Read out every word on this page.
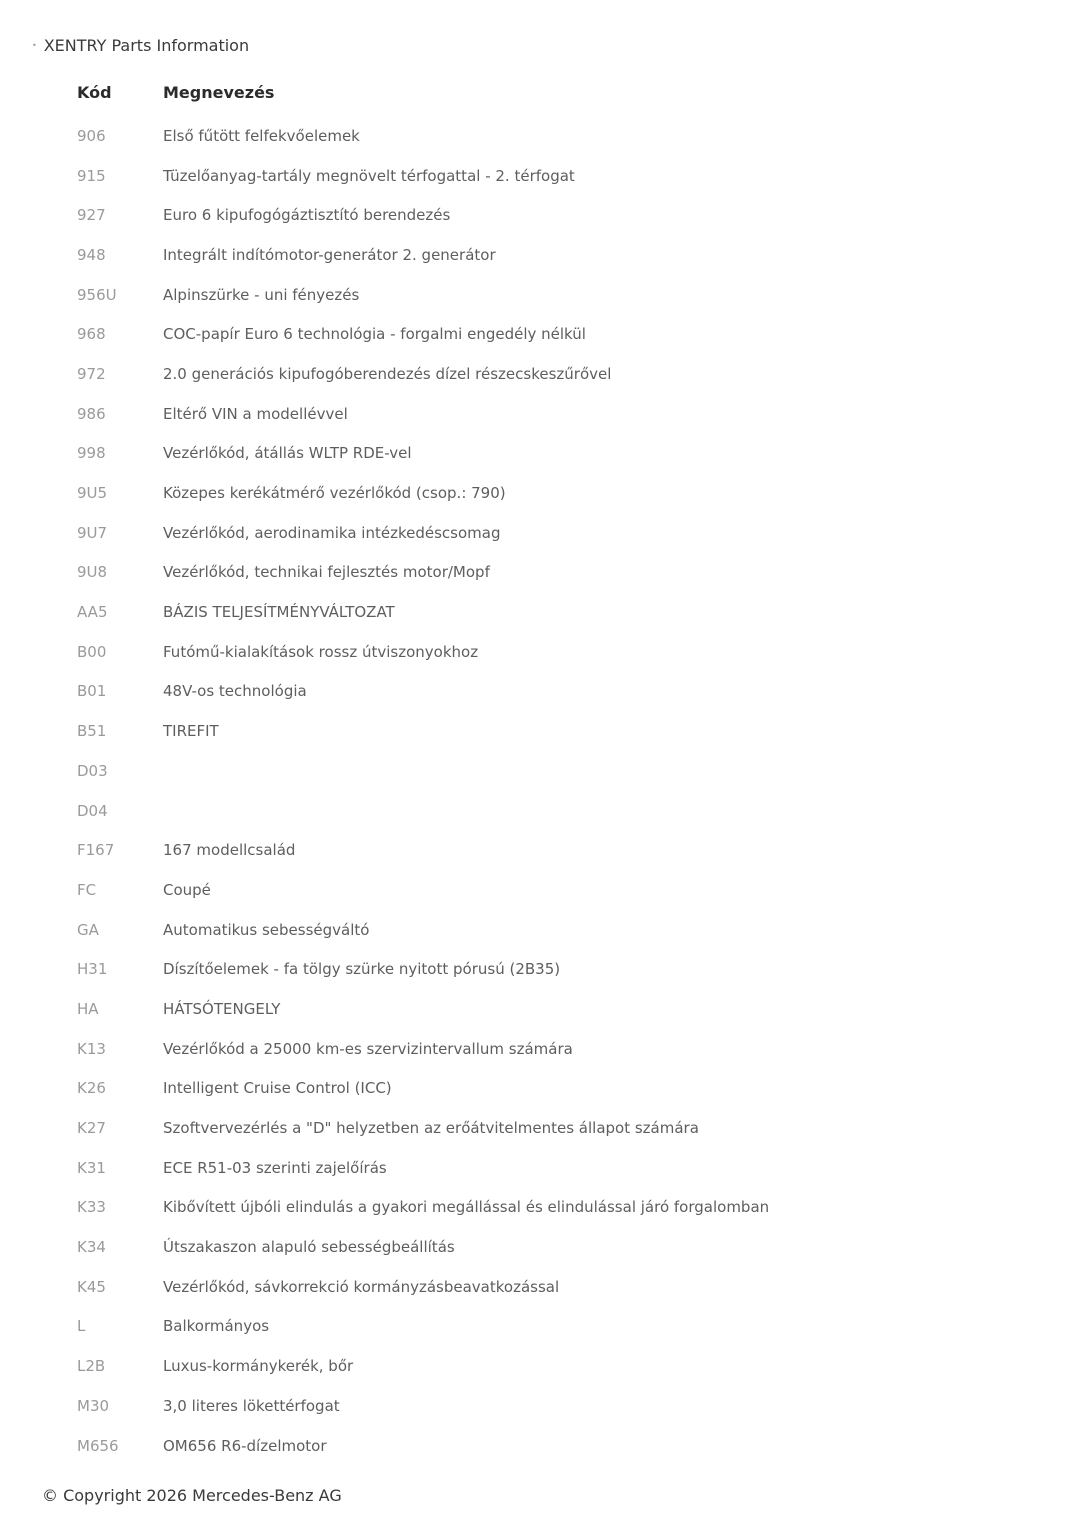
• XENTRY Parts Information
Kód	Megnevezés
906	Első fűtött felfekvőelemek
915	Tüzelőanyag-tartály megnövelt térfogattal - 2. térfogat
927	Euro 6 kipufogógáztisztító berendezés
948	Integrált indítómotor-generátor 2. generátor
956U	Alpinszürke - uni fényezés
968	COC-papír Euro 6 technológia - forgalmi engedély nélkül
972	2.0 generációs kipufogóberendezés dízel részecskeszűrővel
986	Eltérő VIN a modellévvel
998	Vezérlőkód, átállás WLTP RDE-vel
9U5	Közepes kerékátmérő vezérlőkód (csop.: 790)
9U7	Vezérlőkód, aerodinamika intézkedéscsomag
9U8	Vezérlőkód, technikai fejlesztés motor/Mopf
AA5	BÁZIS TELJESÍTMÉNYVÁLTOZAT
B00	Futómű-kialakítások rossz útviszonyokhoz
B01	48V-os technológia
B51	TIREFIT
D03
D04
F167	167 modellcsalád
FC	Coupé
GA	Automatikus sebességváltó
H31	Díszítőelemek - fa tölgy szürke nyitott pórusú (2B35)
HA	HÁTSÓTENGELY
K13	Vezérlőkód a 25000 km-es szervizintervallum számára
K26	Intelligent Cruise Control (ICC)
K27	Szoftvervezérlés a "D" helyzetben az erőátvitelmentes állapot számára
K31	ECE R51-03 szerinti zajelőírás
K33	Kibővített újbóli elindulás a gyakori megállással és elindulással járó forgalomban
K34	Útszakaszon alapuló sebességbeállítás
K45	Vezérlőkód, sávkorrekció kormányzásbeavatkozással
L	Balkormányos
L2B	Luxus-kormánykerék, bőr
M30	3,0 literes lökettérfogat
M656	OM656 R6-dízelmotor
© Copyright 2026 Mercedes-Benz AG
